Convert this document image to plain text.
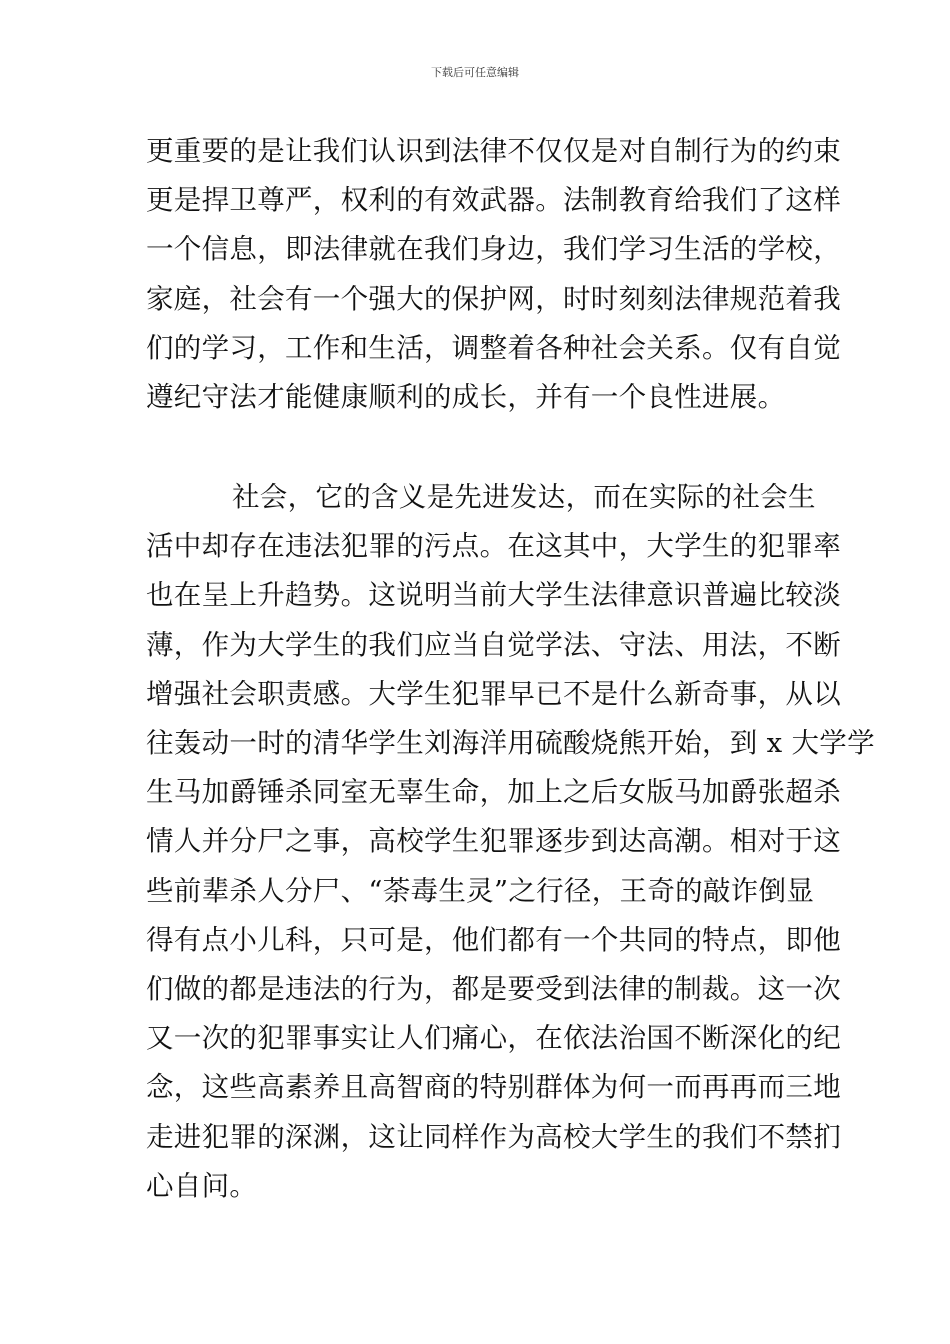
下载后可任意编辑
更重要的是让我们认识到法律不仅仅是对自制行为的约束
更是捍卫尊严，权利的有效武器。法制教育给我们了这样
一个信息，即法律就在我们身边，我们学习生活的学校，
家庭，社会有一个强大的保护网，时时刻刻法律规范着我
们的学习，工作和生活，调整着各种社会关系。仅有自觉
遵纪守法才能健康顺利的成长，并有一个良性进展。
社会，它的含义是先进发达，而在实际的社会生
活中却存在违法犯罪的污点。在这其中，大学生的犯罪率
也在呈上升趋势。这说明当前大学生法律意识普遍比较淡
薄，作为大学生的我们应当自觉学法、守法、用法，不断
增强社会职责感。大学生犯罪早已不是什么新奇事，从以
往轰动一时的清华学生刘海洋用硫酸烧熊开始，到 x 大学学
生马加爵锤杀同室无辜生命，加上之后女版马加爵张超杀
情人并分尸之事，高校学生犯罪逐步到达高潮。相对于这
些前辈杀人分尸、“荼毒生灵”之行径，王奇的敲诈倒显
得有点小儿科，只可是，他们都有一个共同的特点，即他
们做的都是违法的行为，都是要受到法律的制裁。这一次
又一次的犯罪事实让人们痛心，在依法治国不断深化的纪
念，这些高素养且高智商的特别群体为何一而再再而三地
走进犯罪的深渊，这让同样作为高校大学生的我们不禁扪
心自问。
